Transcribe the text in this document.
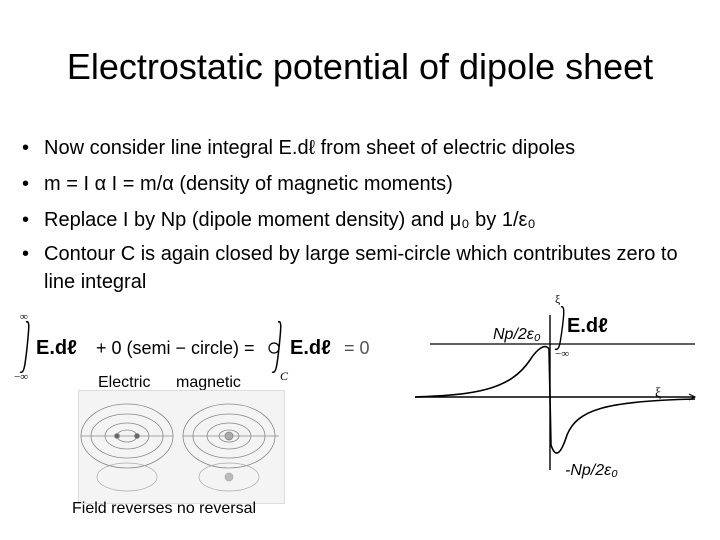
Electrostatic potential of dipole sheet
• Now consider line integral E.dℓ from sheet of electric dipoles
• m = I α I = m/α (density of magnetic moments)
• Replace I by Np (dipole moment density) and μ₀ by 1/ε₀
• Contour C is again closed by large semi-circle which contributes zero to line integral
∞
−∞
E.dℓ + 0 (semi − circle) =
C
E.dℓ = 0
Electric magnetic
Field reverses no reversal
ξ
−∞
E.dℓ
Np/2ε₀
ξ
-Np/2ε₀
